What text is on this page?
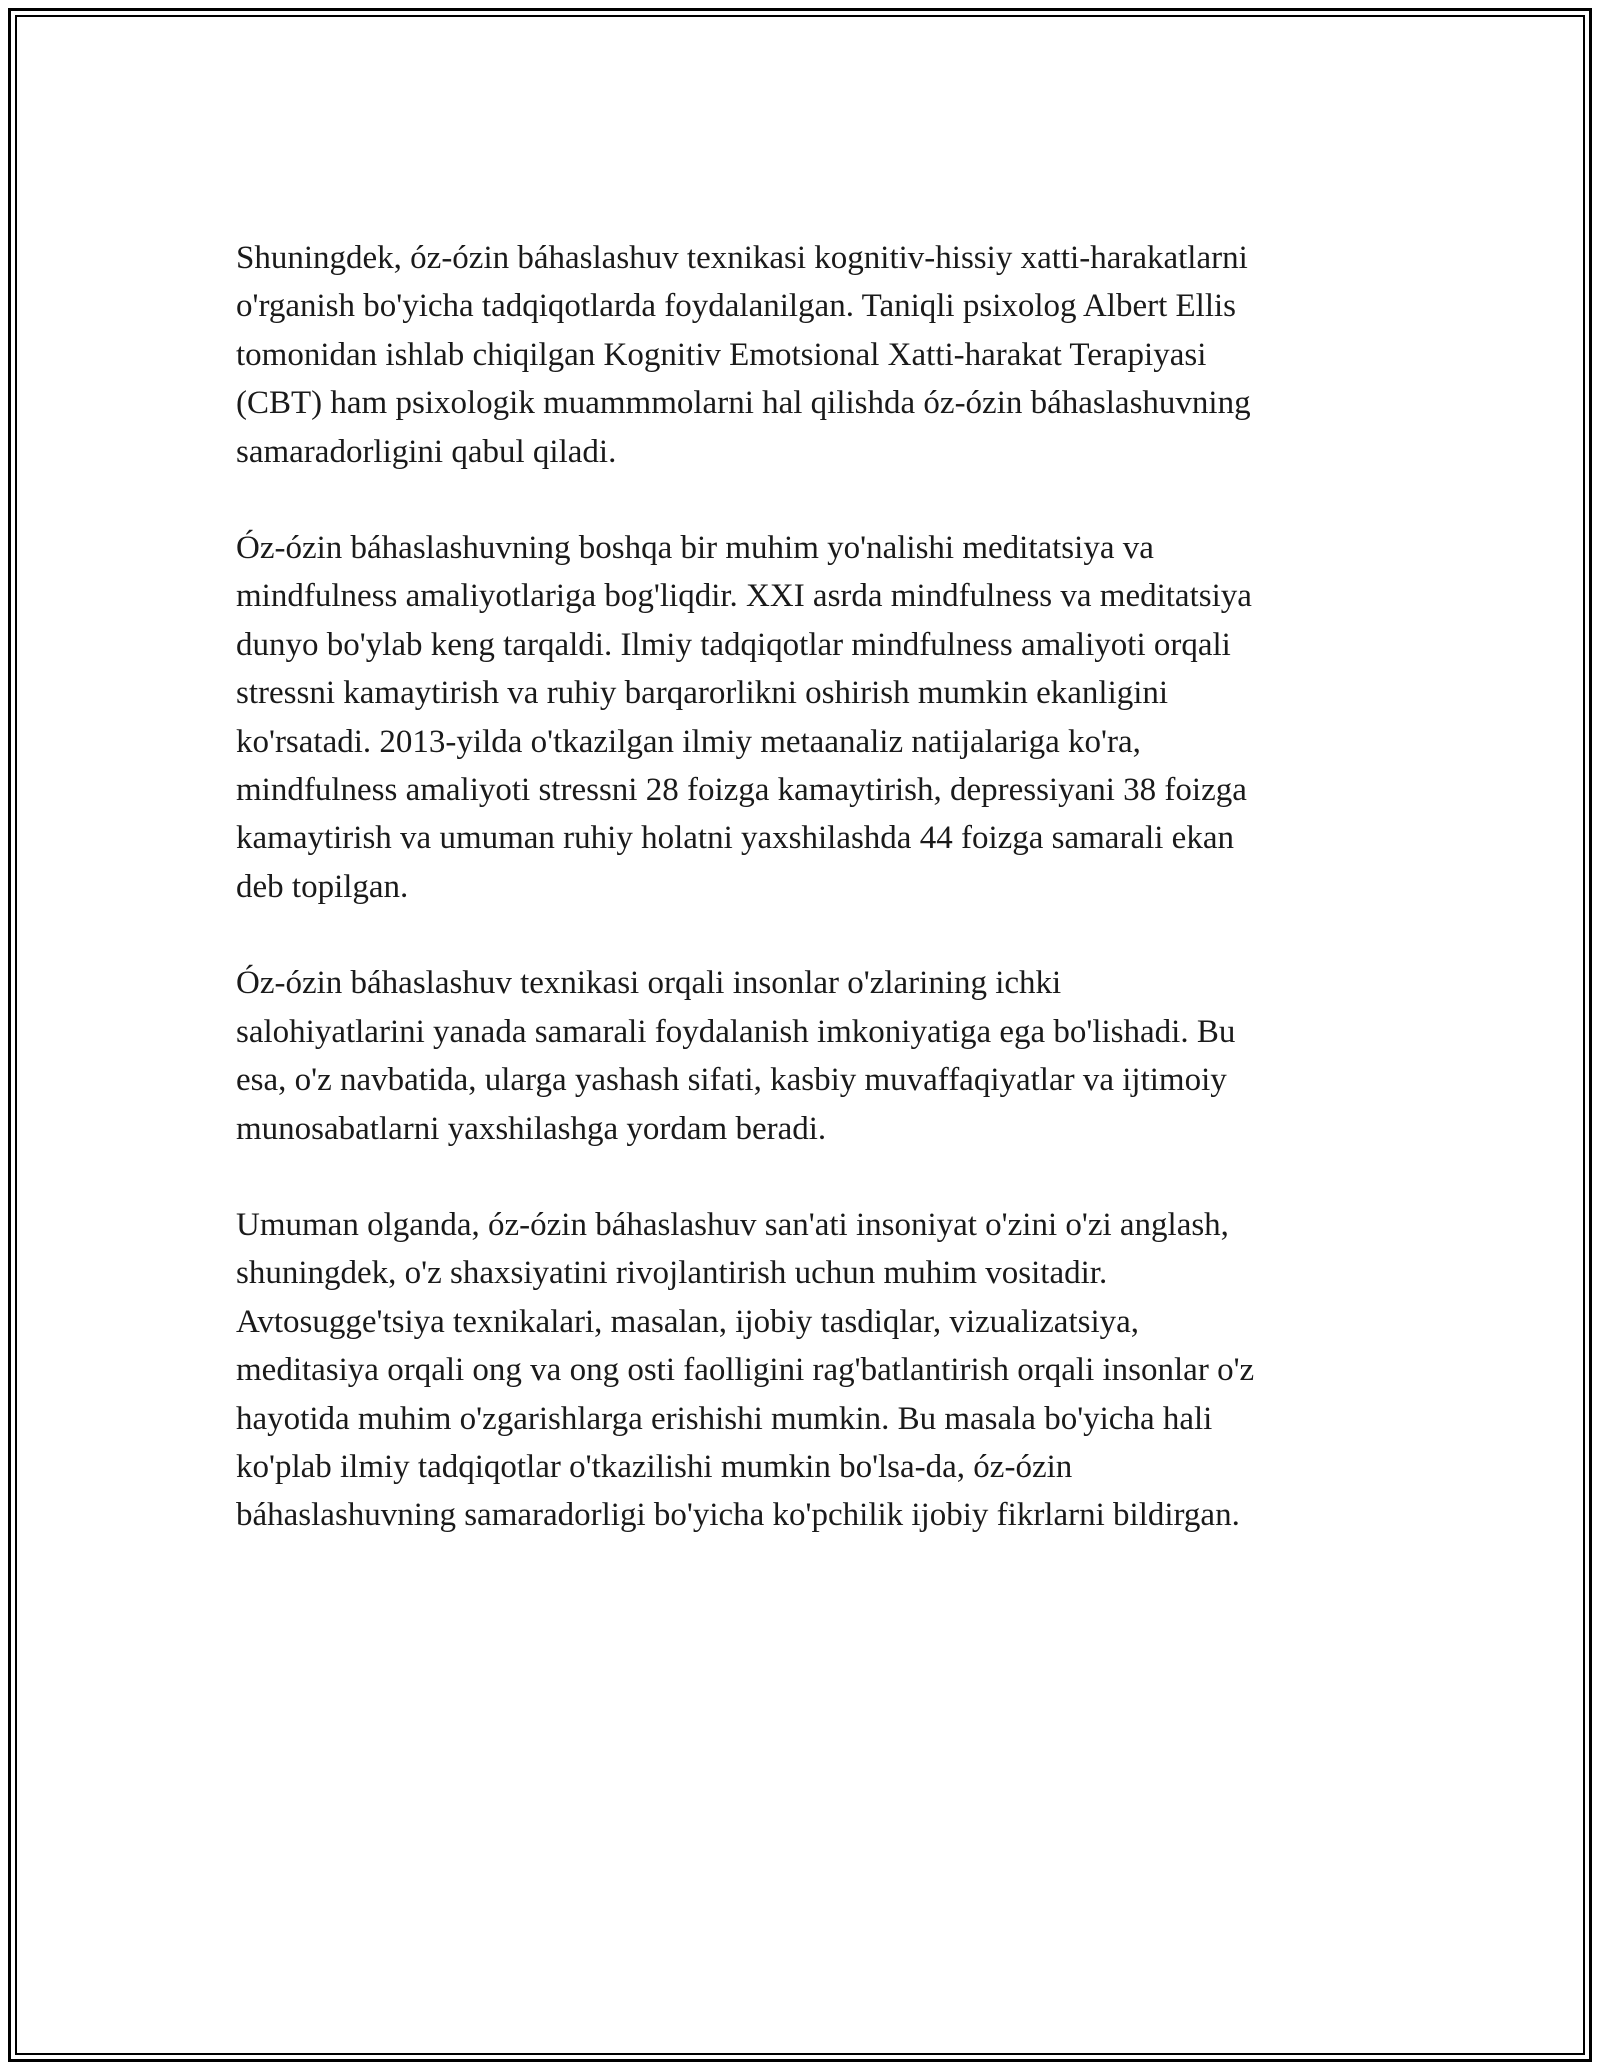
Shuningdek, óz-ózin báhaslashuv texnikasi kognitiv-hissiy xatti-harakatlarni
o'rganish bo'yicha tadqiqotlarda foydalanilgan. Taniqli psixolog Albert Ellis
tomonidan ishlab chiqilgan Kognitiv Emotsional Xatti-harakat Terapiyasi
(CBT) ham psixologik muammmolarni hal qilishda óz-ózin báhaslashuvning
samaradorligini qabul qiladi.

Óz-ózin báhaslashuvning boshqa bir muhim yo'nalishi meditatsiya va
mindfulness amaliyotlariga bog'liqdir. XXI asrda mindfulness va meditatsiya
dunyo bo'ylab keng tarqaldi. Ilmiy tadqiqotlar mindfulness amaliyoti orqali
stressni kamaytirish va ruhiy barqarorlikni oshirish mumkin ekanligini
ko'rsatadi. 2013-yilda o'tkazilgan ilmiy metaanaliz natijalariga ko'ra,
mindfulness amaliyoti stressni 28 foizga kamaytirish, depressiyani 38 foizga
kamaytirish va umuman ruhiy holatni yaxshilashda 44 foizga samarali ekan
deb topilgan.

Óz-ózin báhaslashuv texnikasi orqali insonlar o'zlarining ichki
salohiyatlarini yanada samarali foydalanish imkoniyatiga ega bo'lishadi. Bu
esa, o'z navbatida, ularga yashash sifati, kasbiy muvaffaqiyatlar va ijtimoiy
munosabatlarni yaxshilashga yordam beradi.

Umuman olganda, óz-ózin báhaslashuv san'ati insoniyat o'zini o'zi anglash,
shuningdek, o'z shaxsiyatini rivojlantirish uchun muhim vositadir.
Avtosugge'tsiya texnikalari, masalan, ijobiy tasdiqlar, vizualizatsiya,
meditasiya orqali ong va ong osti faolligini rag'batlantirish orqali insonlar o'z
hayotida muhim o'zgarishlarga erishishi mumkin. Bu masala bo'yicha hali
ko'plab ilmiy tadqiqotlar o'tkazilishi mumkin bo'lsa-da, óz-ózin
báhaslashuvning samaradorligi bo'yicha ko'pchilik ijobiy fikrlarni bildirgan.
